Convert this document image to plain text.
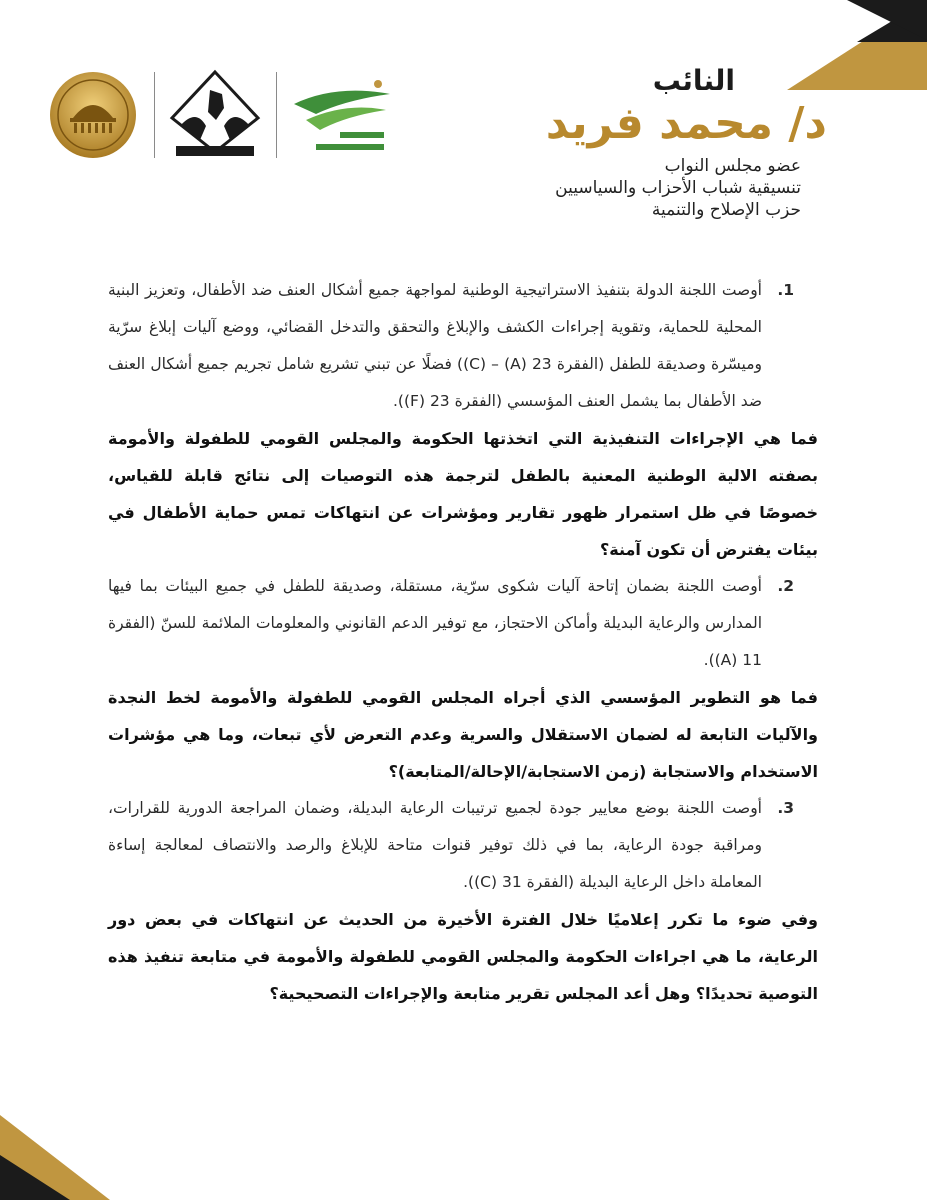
النائب
د/ محمد فريد
عضو مجلس النواب
تنسيقية شباب الأحزاب والسياسيين
حزب الإصلاح والتنمية

1.
أوصت اللجنة الدولة بتنفيذ الاستراتيجية الوطنية لمواجهة جميع أشكال العنف ضد الأطفال، وتعزيز البنية المحلية للحماية، وتقوية إجراءات الكشف والإبلاغ والتحقق والتدخل القضائي، ووضع آليات إبلاغ سرّية وميسّرة وصديقة للطفل (الفقرة 23 (A) – (C)) فضلًا عن تبني تشريع شامل تجريم جميع أشكال العنف ضد الأطفال بما يشمل العنف المؤسسي (الفقرة 23 (F)).

فما هي الإجراءات التنفيذية التي اتخذتها الحكومة والمجلس القومي للطفولة والأمومة بصفته الالية الوطنية المعنية بالطفل لترجمة هذه التوصيات إلى نتائج قابلة للقياس، خصوصًا في ظل استمرار ظهور تقارير ومؤشرات عن انتهاكات تمس حماية الأطفال في بيئات يفترض أن تكون آمنة؟

2.
أوصت اللجنة بضمان إتاحة آليات شكوى سرّية، مستقلة، وصديقة للطفل في جميع البيئات بما فيها المدارس والرعاية البديلة وأماكن الاحتجاز، مع توفير الدعم القانوني والمعلومات الملائمة للسنّ (الفقرة 11 (A)).

فما هو التطوير المؤسسي الذي أجراه المجلس القومي للطفولة والأمومة لخط النجدة والآليات التابعة له لضمان الاستقلال والسرية وعدم التعرض لأي تبعات، وما هي مؤشرات الاستخدام والاستجابة (زمن الاستجابة/الإحالة/المتابعة)؟

3.
أوصت اللجنة بوضع معايير جودة لجميع ترتيبات الرعاية البديلة، وضمان المراجعة الدورية للقرارات، ومراقبة جودة الرعاية، بما في ذلك توفير قنوات متاحة للإبلاغ والرصد والانتصاف لمعالجة إساءة المعاملة داخل الرعاية البديلة (الفقرة 31 (C)).

وفي ضوء ما تكرر إعلاميًا خلال الفترة الأخيرة من الحديث عن انتهاكات في بعض دور الرعاية، ما هي اجراءات الحكومة والمجلس القومي للطفولة والأمومة في متابعة تنفيذ هذه التوصية تحديدًا؟ وهل أعد المجلس تقرير متابعة والإجراءات التصحيحية؟
